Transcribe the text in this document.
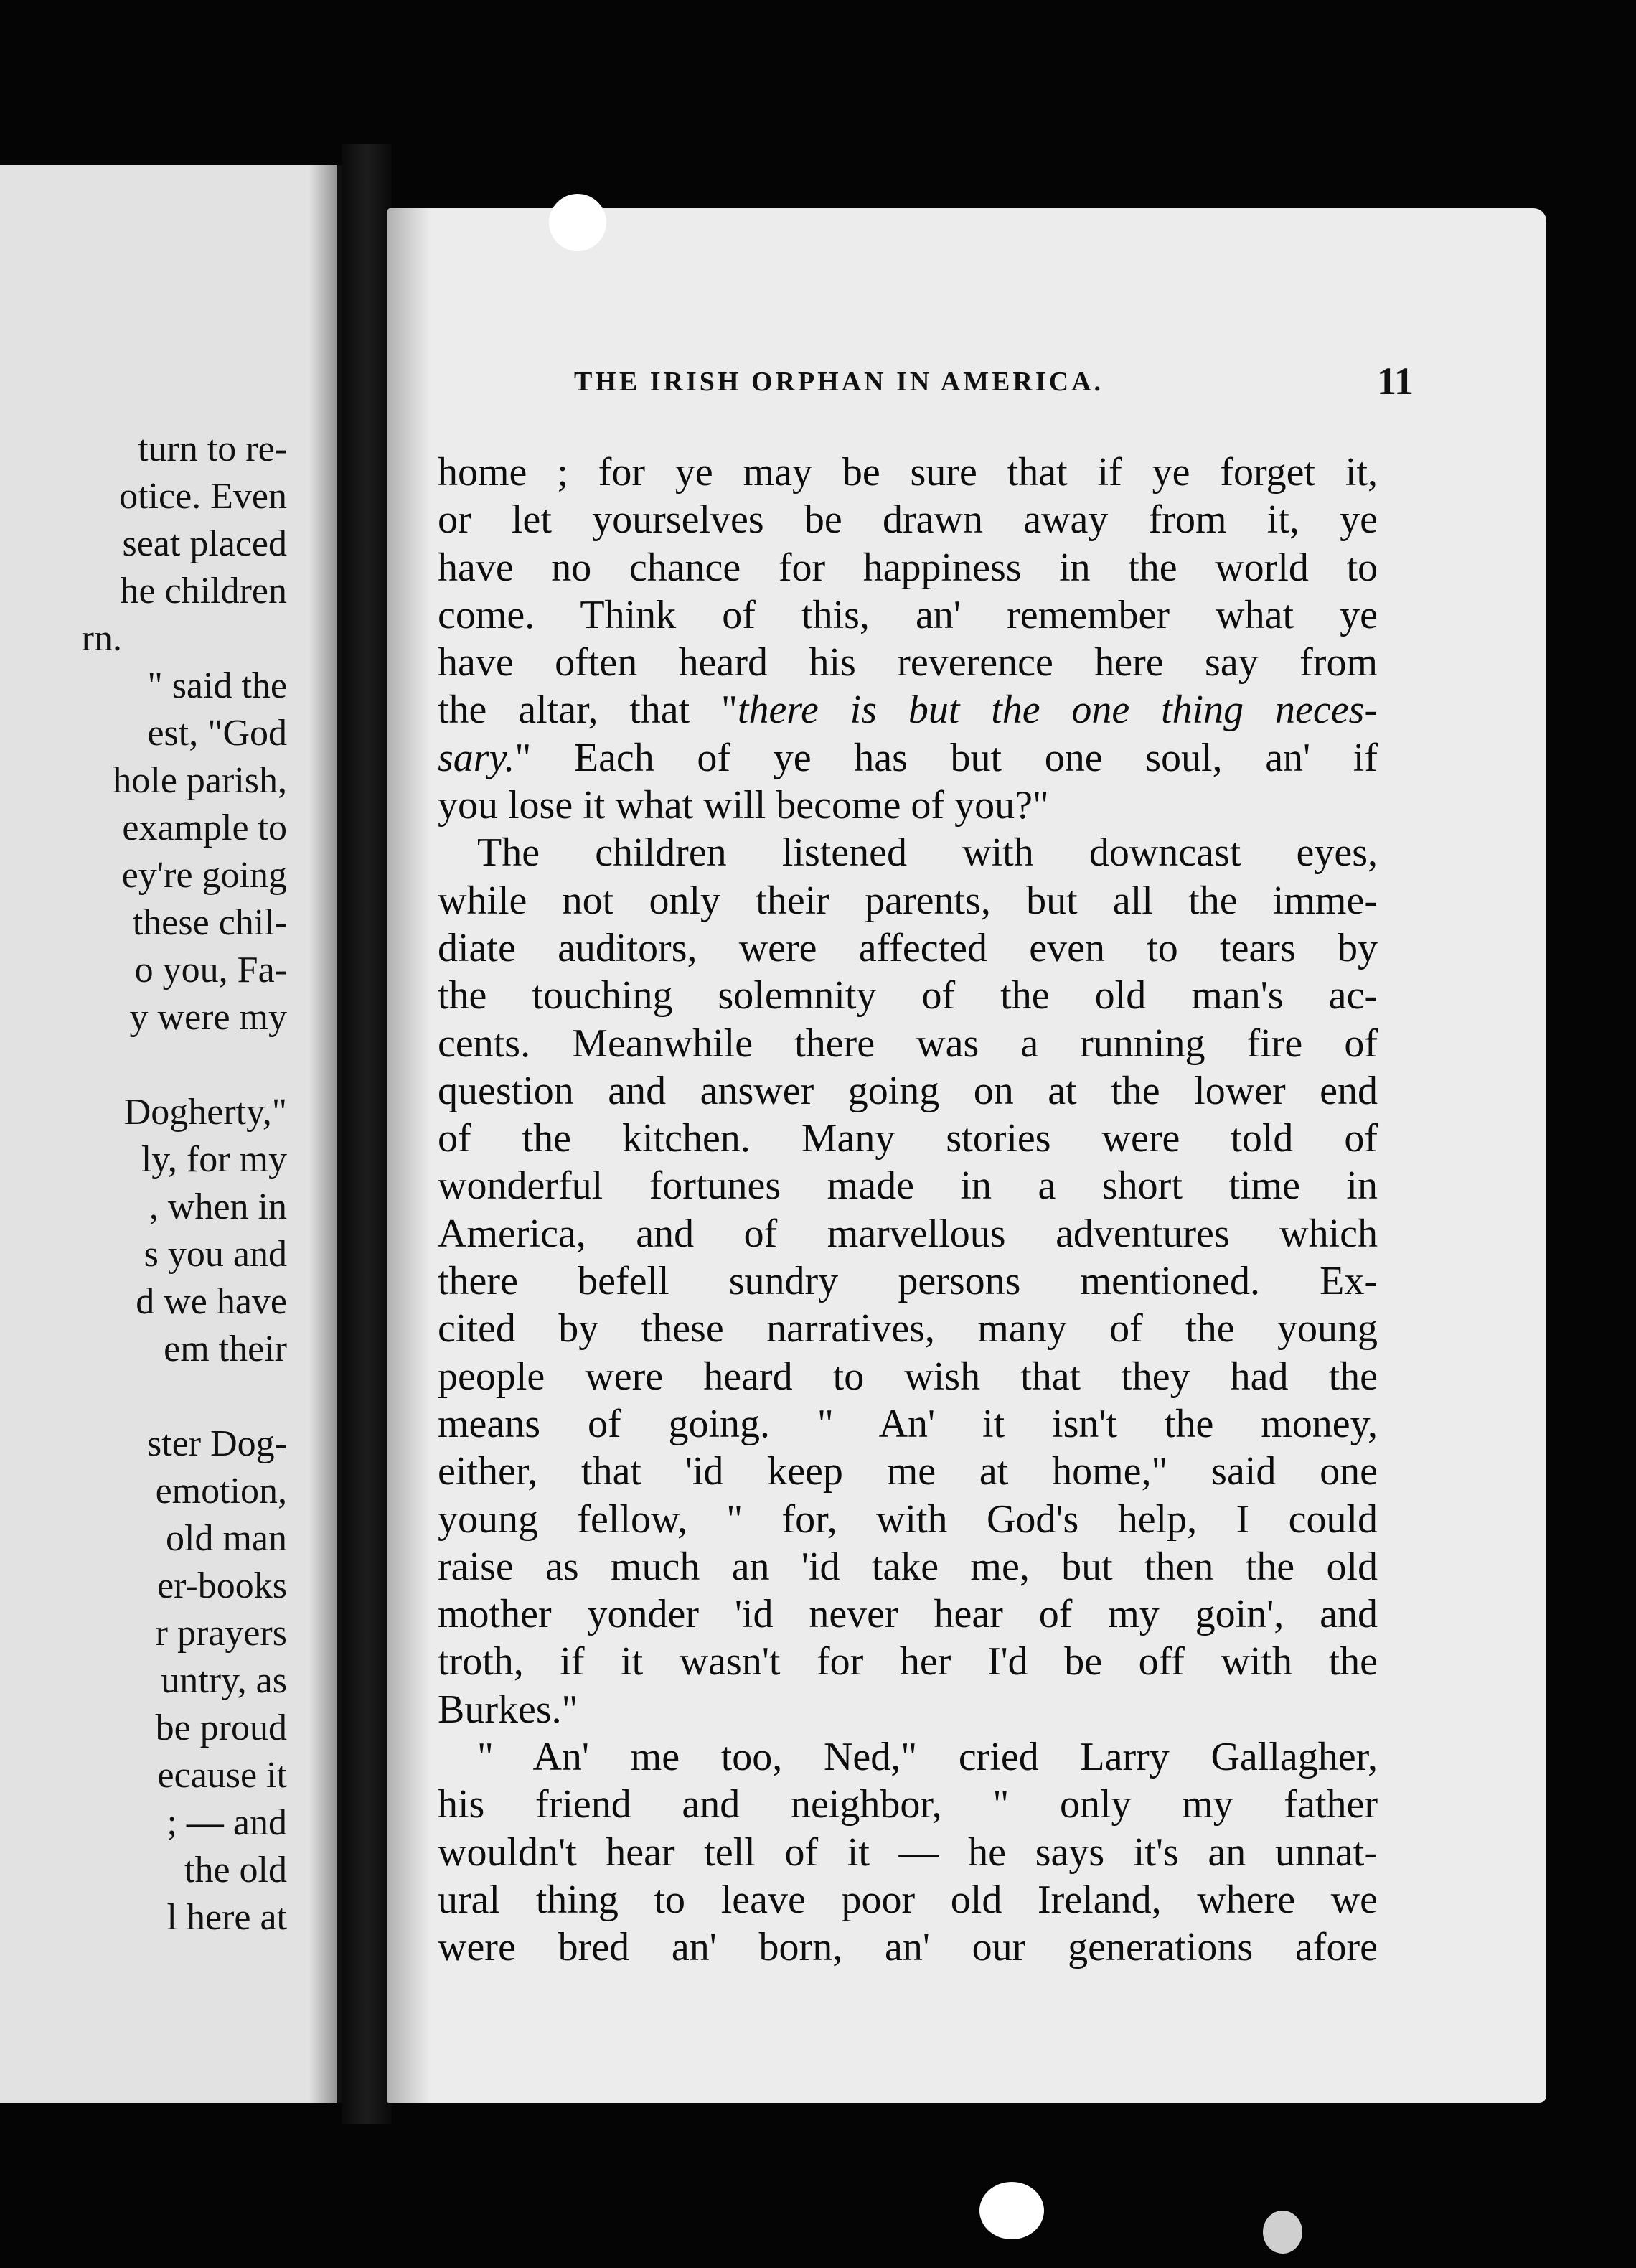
turn to re-
otice. Even
seat placed
he children
rn.
" said the
est, "God
hole parish,
example to
ey're going
these chil-
o you, Fa-
y were my
Dogherty,"
ly, for my
, when in
s you and
d we have
em their
ster Dog-
emotion,
old man
er-books
r prayers
untry, as
be proud
ecause it
; — and
the old
l here at
THE IRISH ORPHAN IN AMERICA.	11
home ; for ye may be sure that if ye forget it,
or let yourselves be drawn away from it, ye
have no chance for happiness in the world to
come. Think of this, an' remember what ye
have often heard his reverence here say from
the altar, that "there is but the one thing neces-
sary." Each of ye has but one soul, an' if
you lose it what will become of you?"
The children listened with downcast eyes,
while not only their parents, but all the imme-
diate auditors, were affected even to tears by
the touching solemnity of the old man's ac-
cents. Meanwhile there was a running fire of
question and answer going on at the lower end
of the kitchen. Many stories were told of
wonderful fortunes made in a short time in
America, and of marvellous adventures which
there befell sundry persons mentioned. Ex-
cited by these narratives, many of the young
people were heard to wish that they had the
means of going. " An' it isn't the money,
either, that 'id keep me at home," said one
young fellow, " for, with God's help, I could
raise as much an 'id take me, but then the old
mother yonder 'id never hear of my goin', and
troth, if it wasn't for her I'd be off with the
Burkes."
" An' me too, Ned," cried Larry Gallagher,
his friend and neighbor, " only my father
wouldn't hear tell of it — he says it's an unnat-
ural thing to leave poor old Ireland, where we
were bred an' born, an' our generations afore
